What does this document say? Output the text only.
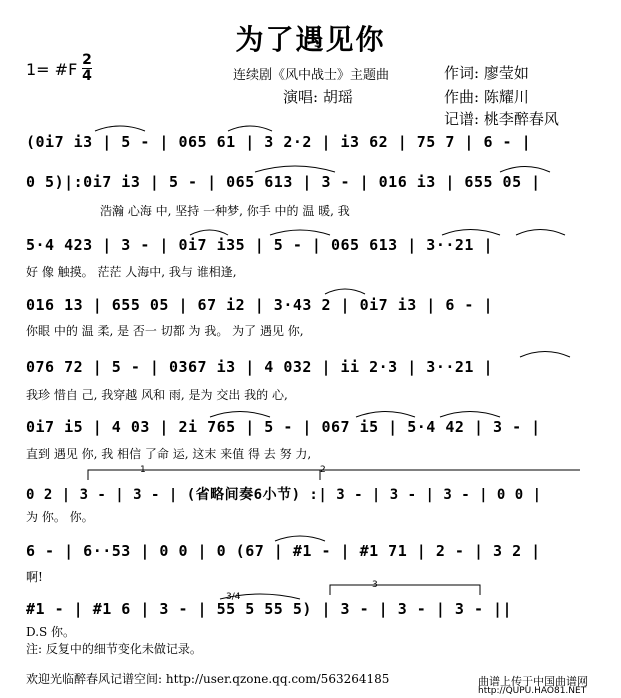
为了遇见你
1= #F 2
4	连续剧《风中战士》主题曲	作词: 廖莹如
演唱: 胡瑶	作曲: 陈耀川
记谱: 桃李醉春风
(0i7 i3 | 5 - | 065 61 | 3 2·2 | i3 62 | 75 7 | 6 - |
0 5)|:0i7 i3 | 5 - | 065 613 | 3 - | 016 i3 | 655 05 |
浩瀚 心海 中, 坚持 一种梦, 你手 中的 温 暖, 我
5·4 423 | 3 - | 0i7 i35 | 5 - | 065 613 | 3··21 |
好 像 触摸。 茫茫 人海中, 我与 谁相逢,
016 13 | 655 05 | 67 i2 | 3·43 2 | 0i7 i3 | 6 - |
你眼 中的 温 柔, 是 否一 切都 为 我。 为了 遇见 你,
076 72 | 5 - | 0367 i3 | 4 032 | ii 2·3 | 3··21 |
我珍 惜自 己, 我穿越 风和 雨, 是为 交出 我的 心,
0i7 i5 | 4 03 | 2i 765 | 5 - | 067 i5 | 5·4 42 | 3 - |
直到 遇见 你, 我 相信 了命 运, 这末 来值 得 去 努 力,
0 2 | 3 - | 3 - | (省略间奏6小节) :| 3 - | 3 - | 3 - | 0 0 |
为 你。 你。
6 - | 6··53 | 0 0 | 0 (67 | #1 - | #1 71 | 2 - | 3 2 |
啊!
#1 - | #1 6 | 3 - | 55 5 55 5) | 3 - | 3 - | 3 - ||
D.S 你。
1	2
3
3/4
注: 反复中的细节变化未做记录。
欢迎光临醉春风记谱空间: http://user.qzone.qq.com/563264185	曲谱上传于中国曲谱网
http://QUPU.HAO81.NET
